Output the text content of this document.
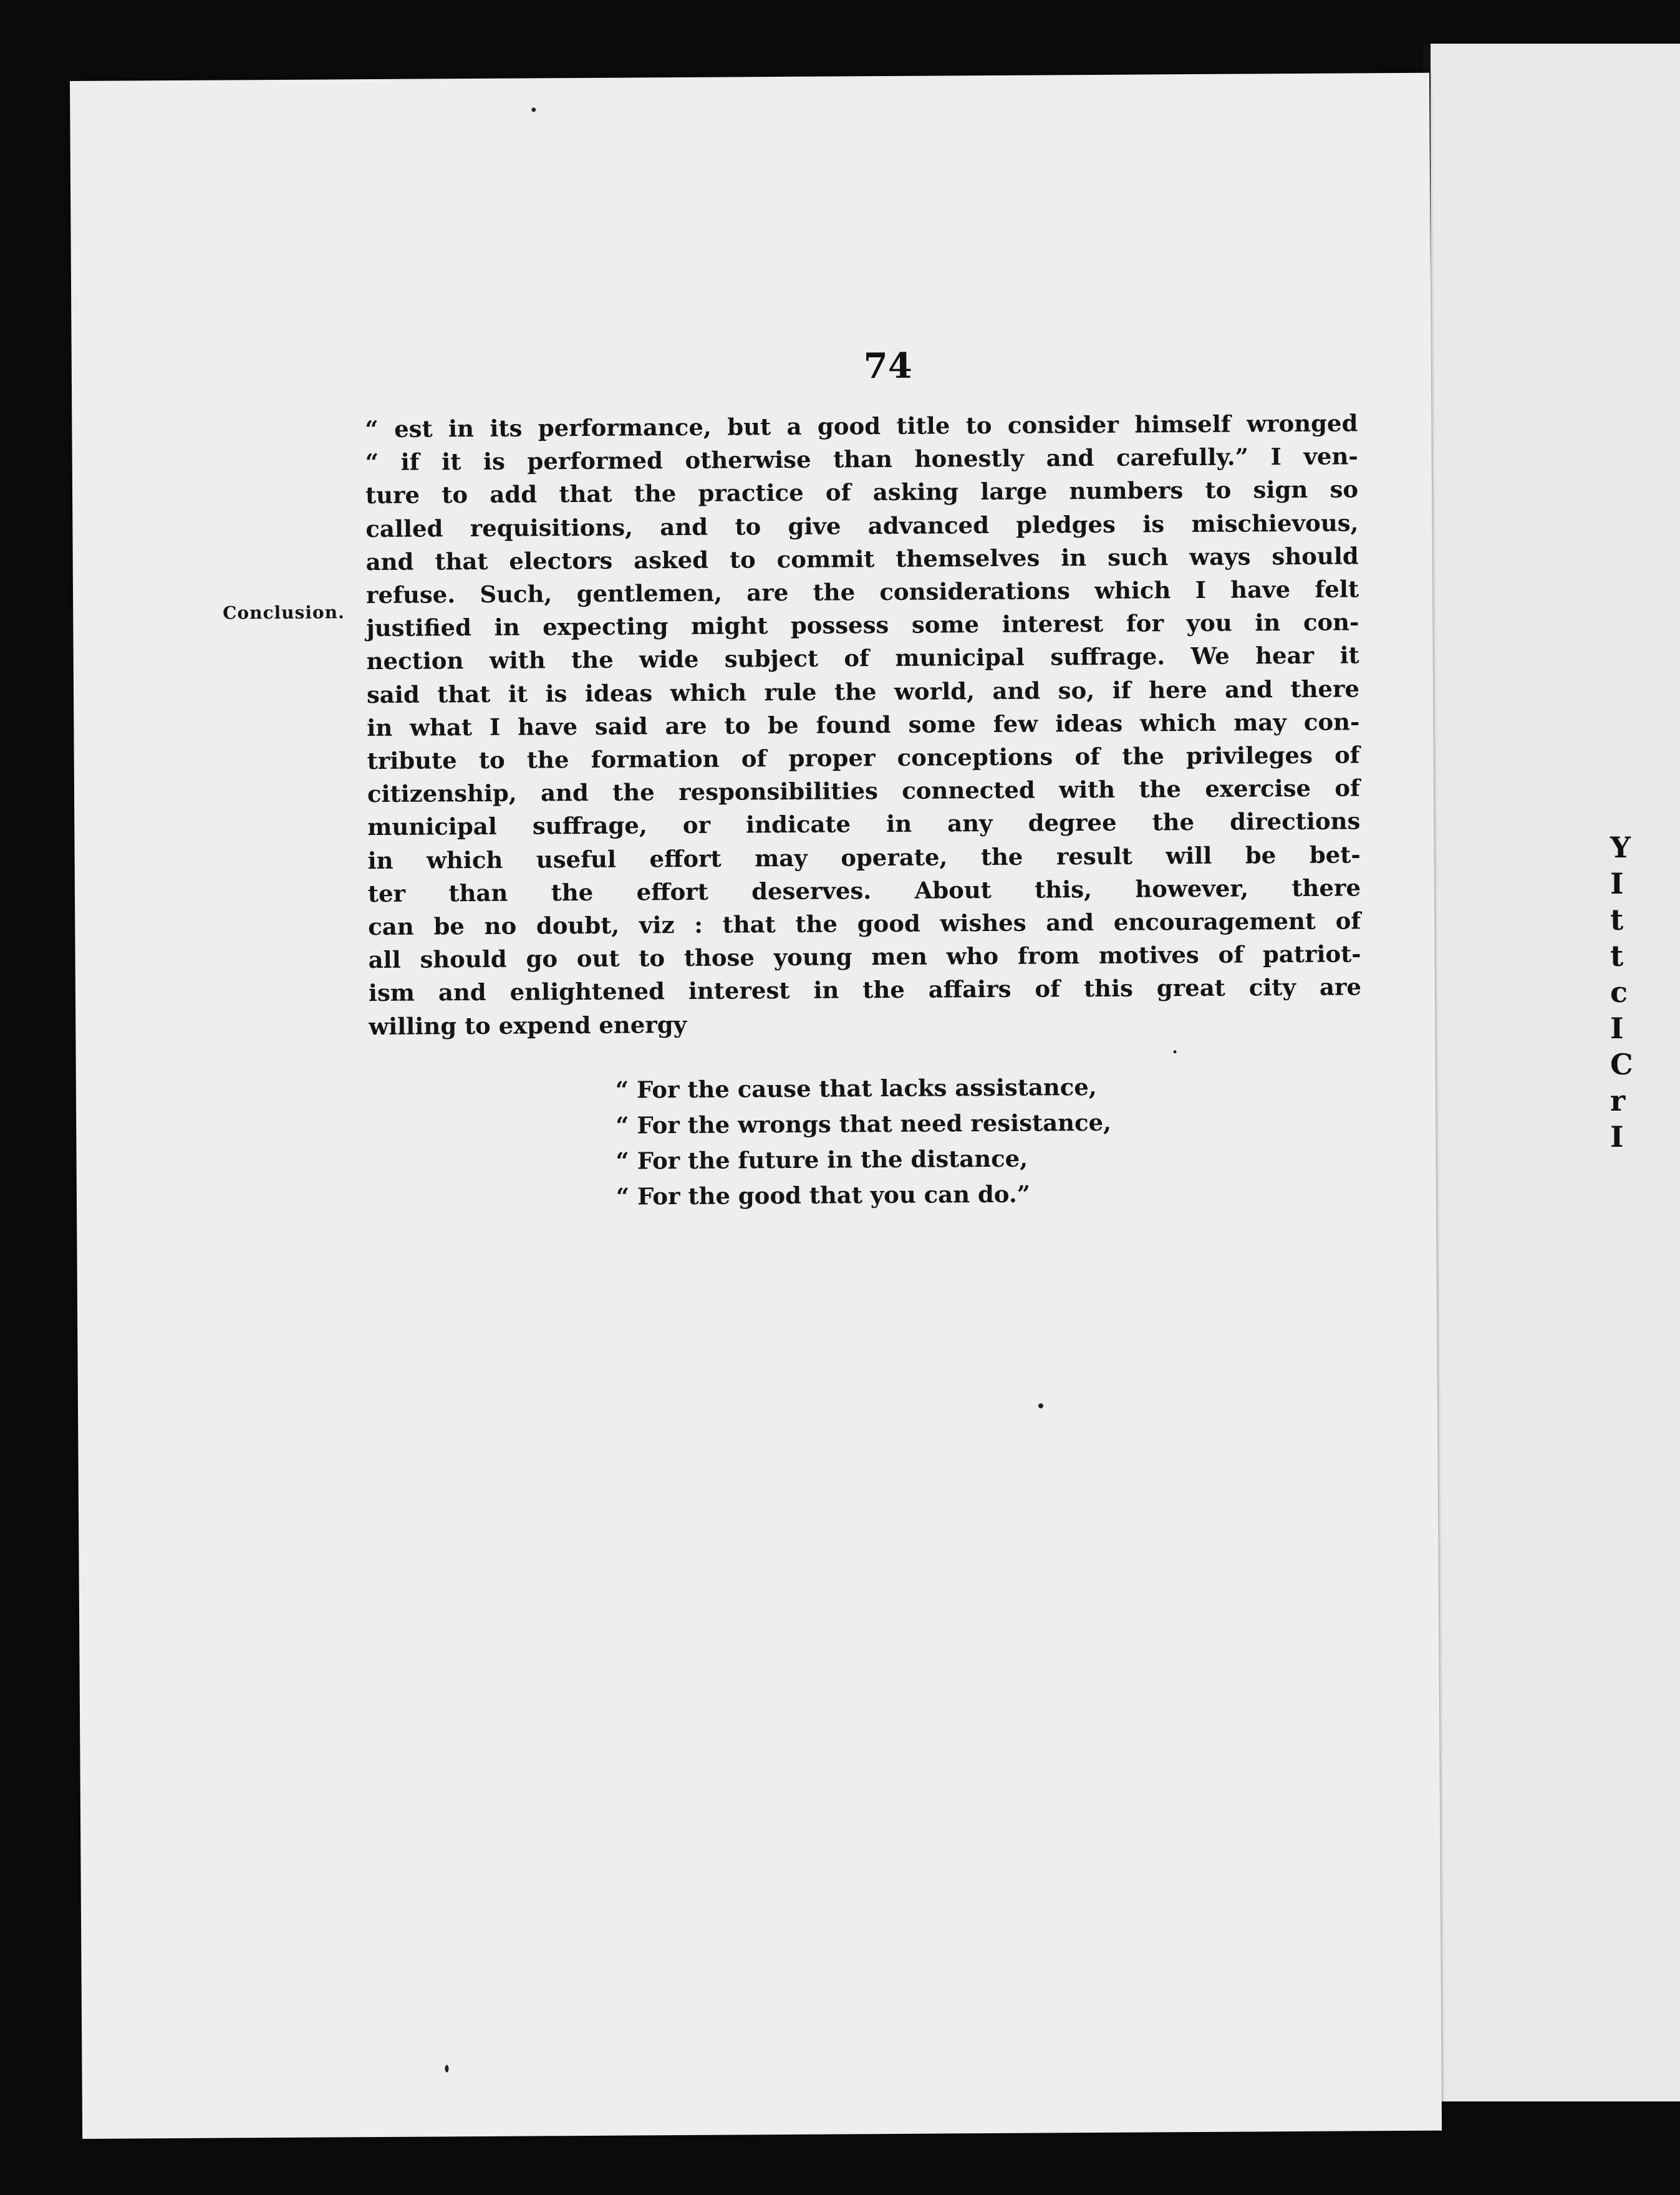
Y
I
t
t
c
I
C
r
I
74
Conclusion.
“ est in its performance, but a good title to consider himself wronged
“ if it is performed otherwise than honestly and carefully.” I ven-
ture to add that the practice of asking large numbers to sign so
called requisitions, and to give advanced pledges is mischievous,
and that electors asked to commit themselves in such ways should
refuse. Such, gentlemen, are the considerations which I have felt
justified in expecting might possess some interest for you in con-
nection with the wide subject of municipal suffrage. We hear it
said that it is ideas which rule the world, and so, if here and there
in what I have said are to be found some few ideas which may con-
tribute to the formation of proper conceptions of the privileges of
citizenship, and the responsibilities connected with the exercise of
municipal suffrage, or indicate in any degree the directions
in which useful effort may operate, the result will be bet-
ter than the effort deserves. About this, however, there
can be no doubt, viz : that the good wishes and encouragement of
all should go out to those young men who from motives of patriot-
ism and enlightened interest in the affairs of this great city are
willing to expend energy
“ For the cause that lacks assistance,
“ For the wrongs that need resistance,
“ For the future in the distance,
“ For the good that you can do.”
